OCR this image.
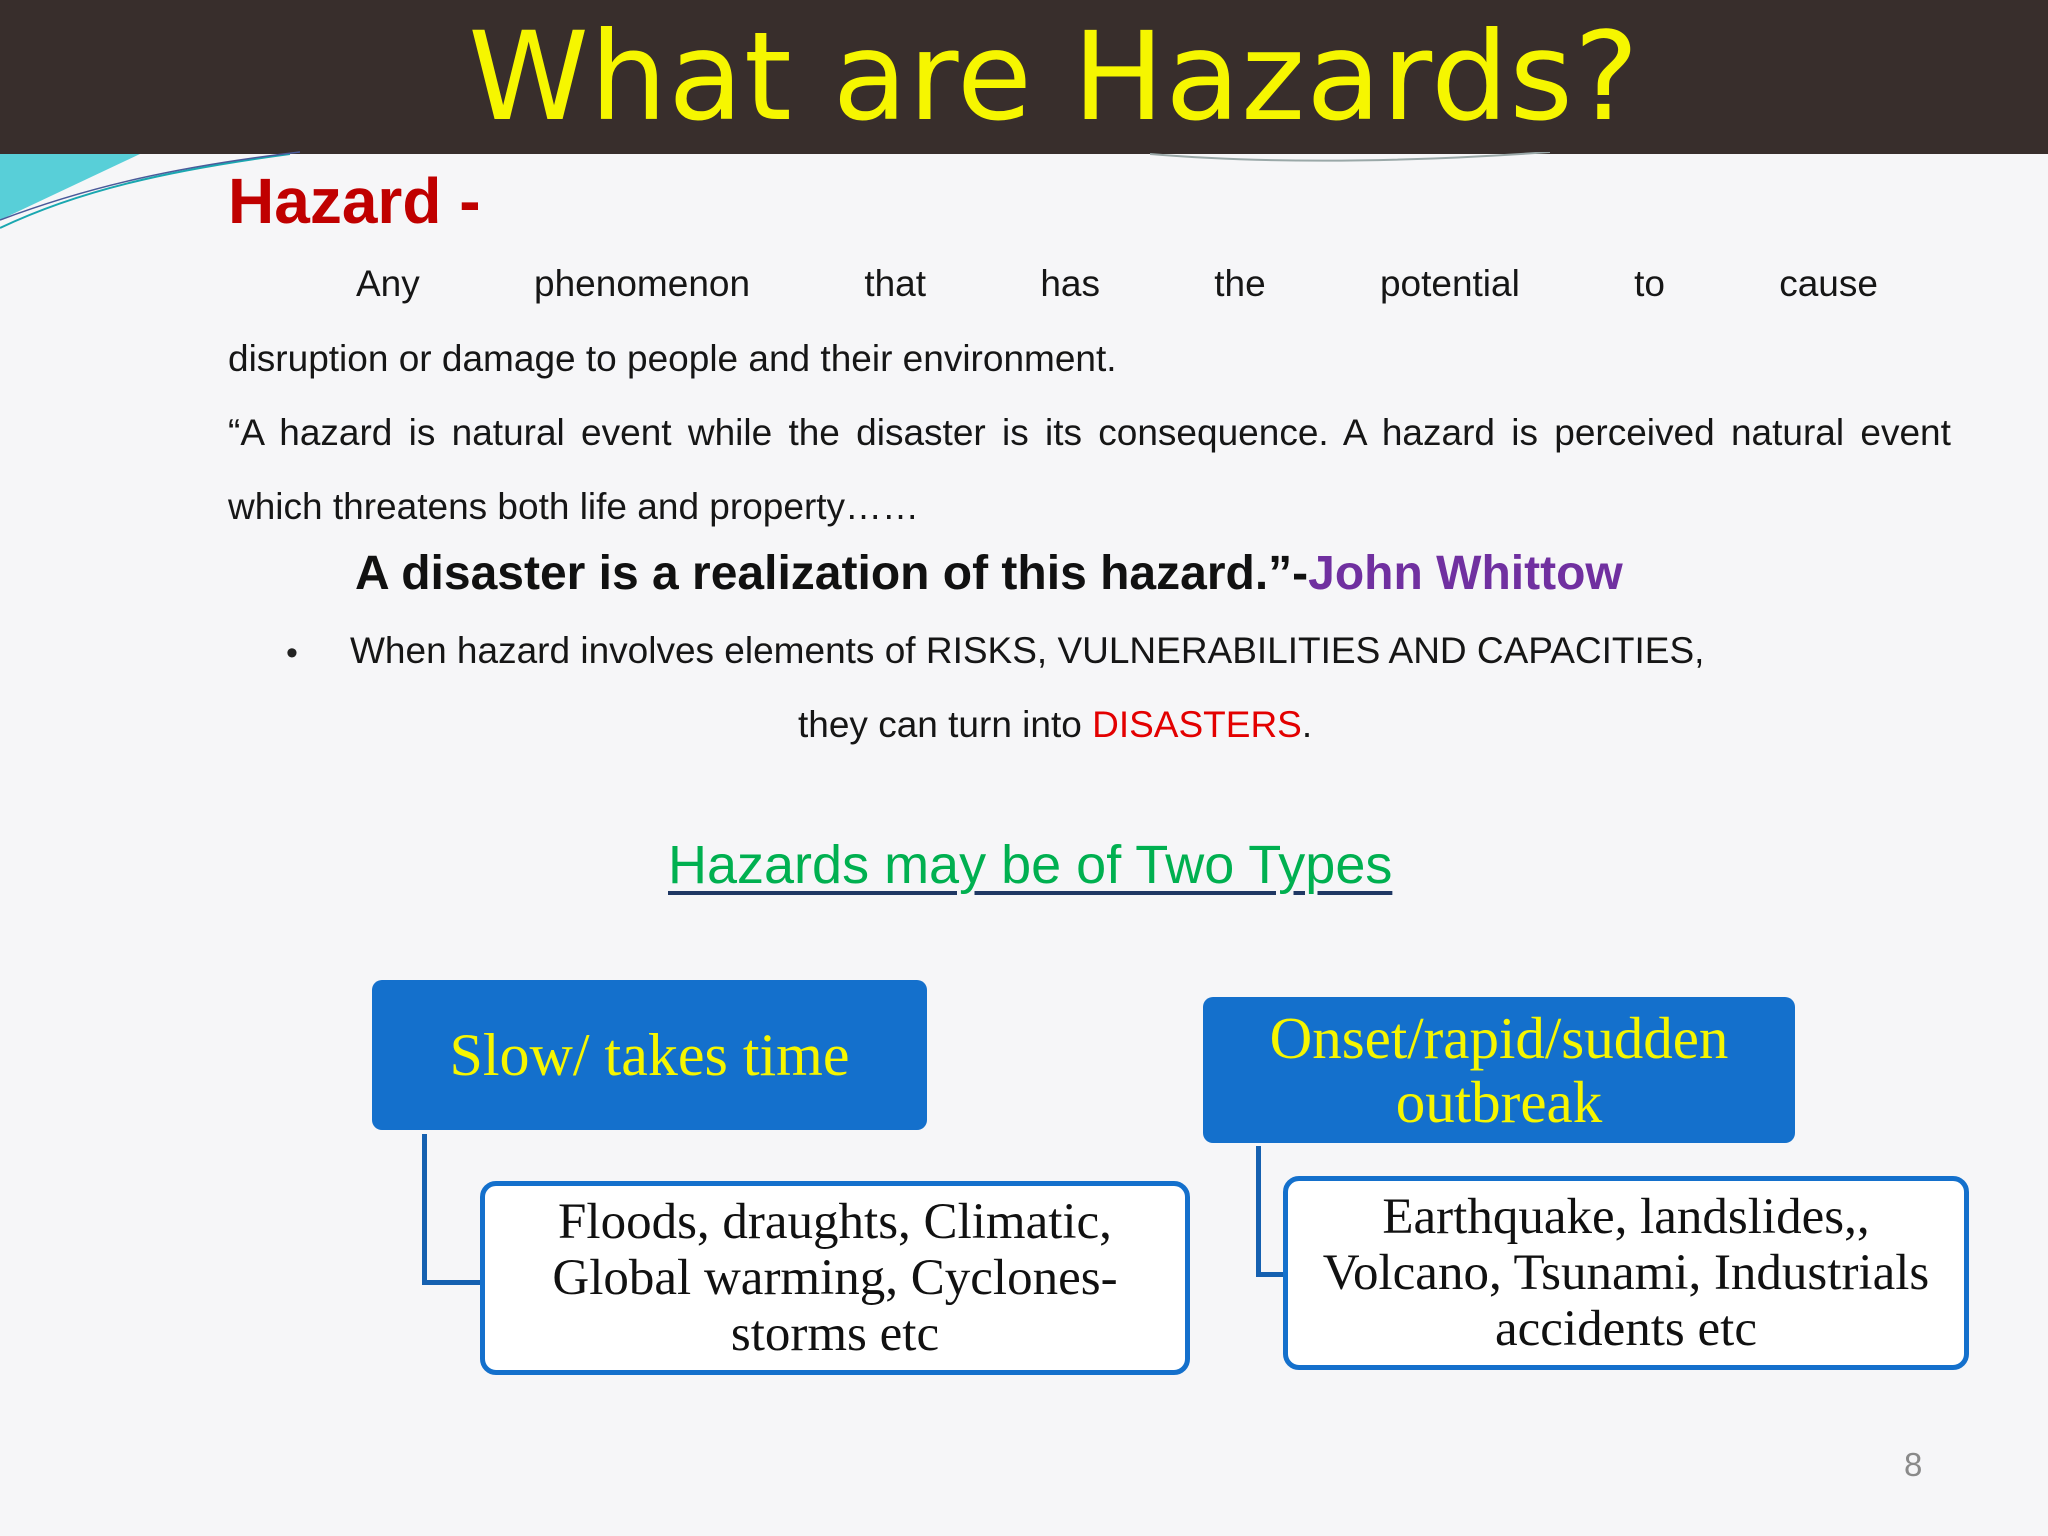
What are Hazards?
Hazard -
Any	phenomenon	that	has	the	potential	to	cause
disruption or damage to people and their environment.
“A hazard is natural event while the disaster is its consequence. A hazard is perceived natural event
which threatens both life and property……
A disaster is a realization of this hazard.”-John Whittow
• When hazard involves elements of RISKS, VULNERABILITIES AND CAPACITIES,
they can turn into DISASTERS.
Hazards may be of Two Types
Slow/ takes time	Onset/rapid/sudden
outbreak
Floods, draughts, Climatic,
Global warming, Cyclones-
storms etc
Earthquake, landslides,,
Volcano, Tsunami, Industrials
accidents etc
8
